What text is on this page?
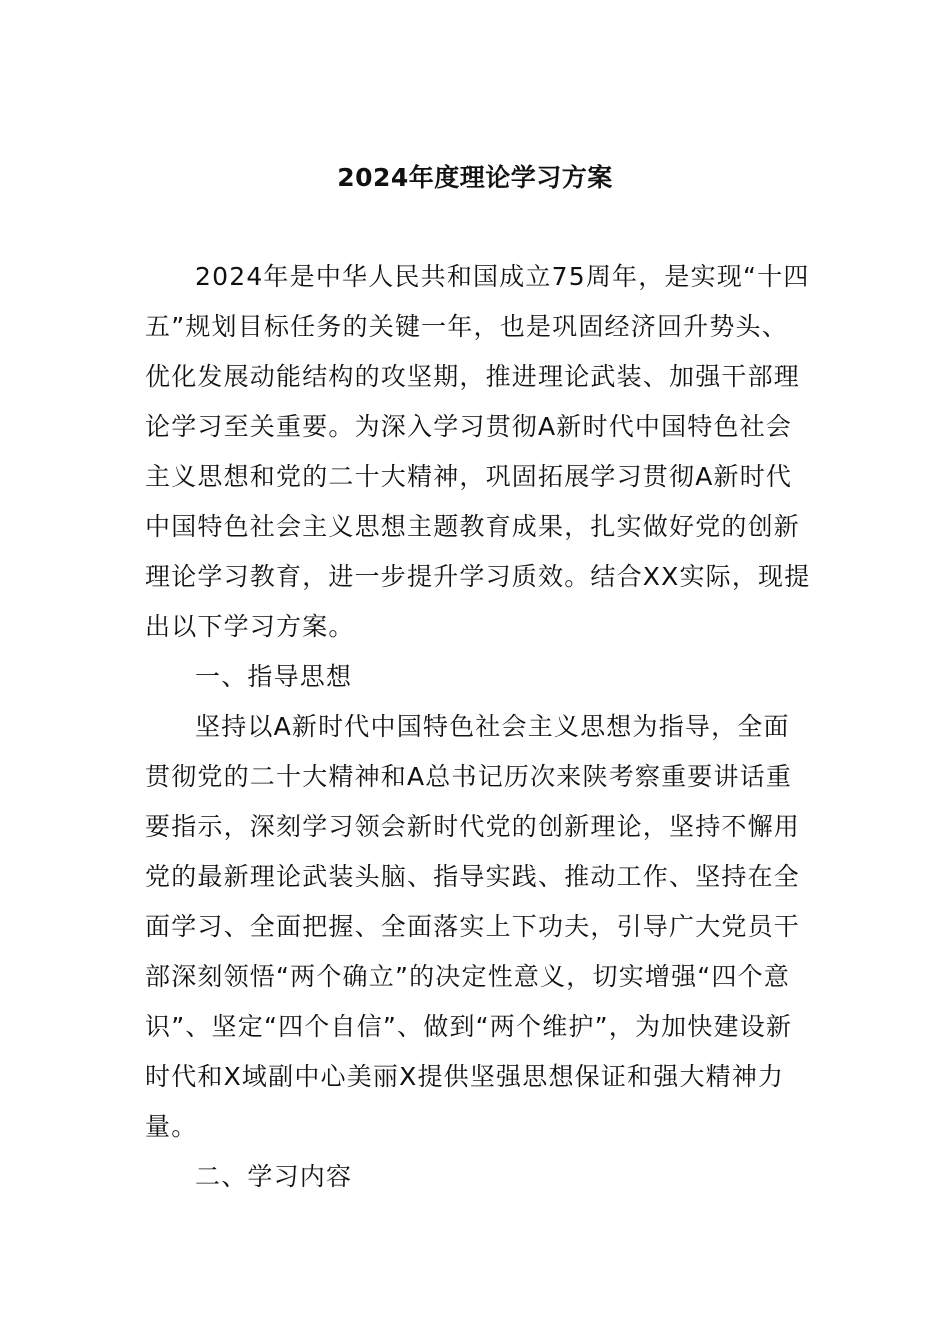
2024年度理论学习方案

2024年是中华人民共和国成立75周年，是实现“十四五”规划目标任务的关键一年，也是巩固经济回升势头、优化发展动能结构的攻坚期，推进理论武装、加强干部理论学习至关重要。为深入学习贯彻A新时代中国特色社会主义思想和党的二十大精神，巩固拓展学习贯彻A新时代中国特色社会主义思想主题教育成果，扎实做好党的创新理论学习教育，进一步提升学习质效。结合XX实际，现提出以下学习方案。

一、指导思想

坚持以A新时代中国特色社会主义思想为指导，全面贯彻党的二十大精神和A总书记历次来陕考察重要讲话重要指示，深刻学习领会新时代党的创新理论，坚持不懈用党的最新理论武装头脑、指导实践、推动工作、坚持在全面学习、全面把握、全面落实上下功夫，引导广大党员干部深刻领悟“两个确立”的决定性意义，切实增强“四个意识”、坚定“四个自信”、做到“两个维护”，为加快建设新时代和X域副中心美丽X提供坚强思想保证和强大精神力量。

二、学习内容
